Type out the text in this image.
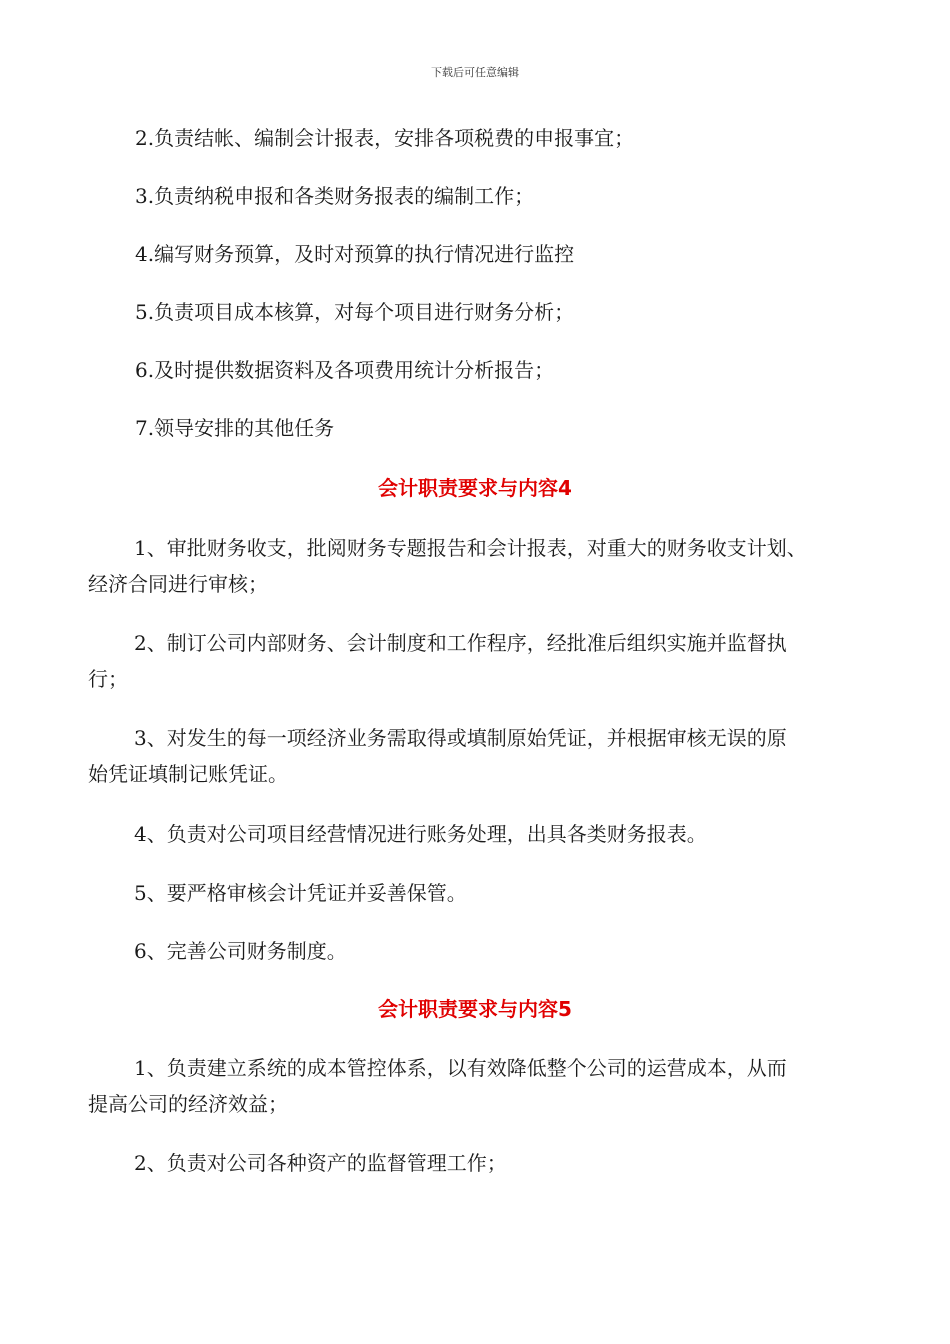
下载后可任意编辑
2.负责结帐、编制会计报表，安排各项税费的申报事宜；
3.负责纳税申报和各类财务报表的编制工作；
4.编写财务预算，及时对预算的执行情况进行监控
5.负责项目成本核算，对每个项目进行财务分析；
6.及时提供数据资料及各项费用统计分析报告；
7.领导安排的其他任务
会计职责要求与内容4
1、审批财务收支，批阅财务专题报告和会计报表，对重大的财务收支计划、
经济合同进行审核；
2、制订公司内部财务、会计制度和工作程序，经批准后组织实施并监督执
行；
3、对发生的每一项经济业务需取得或填制原始凭证，并根据审核无误的原
始凭证填制记账凭证。
4、负责对公司项目经营情况进行账务处理，出具各类财务报表。
5、要严格审核会计凭证并妥善保管。
6、完善公司财务制度。
会计职责要求与内容5
1、负责建立系统的成本管控体系，以有效降低整个公司的运营成本，从而
提高公司的经济效益；
2、负责对公司各种资产的监督管理工作；
